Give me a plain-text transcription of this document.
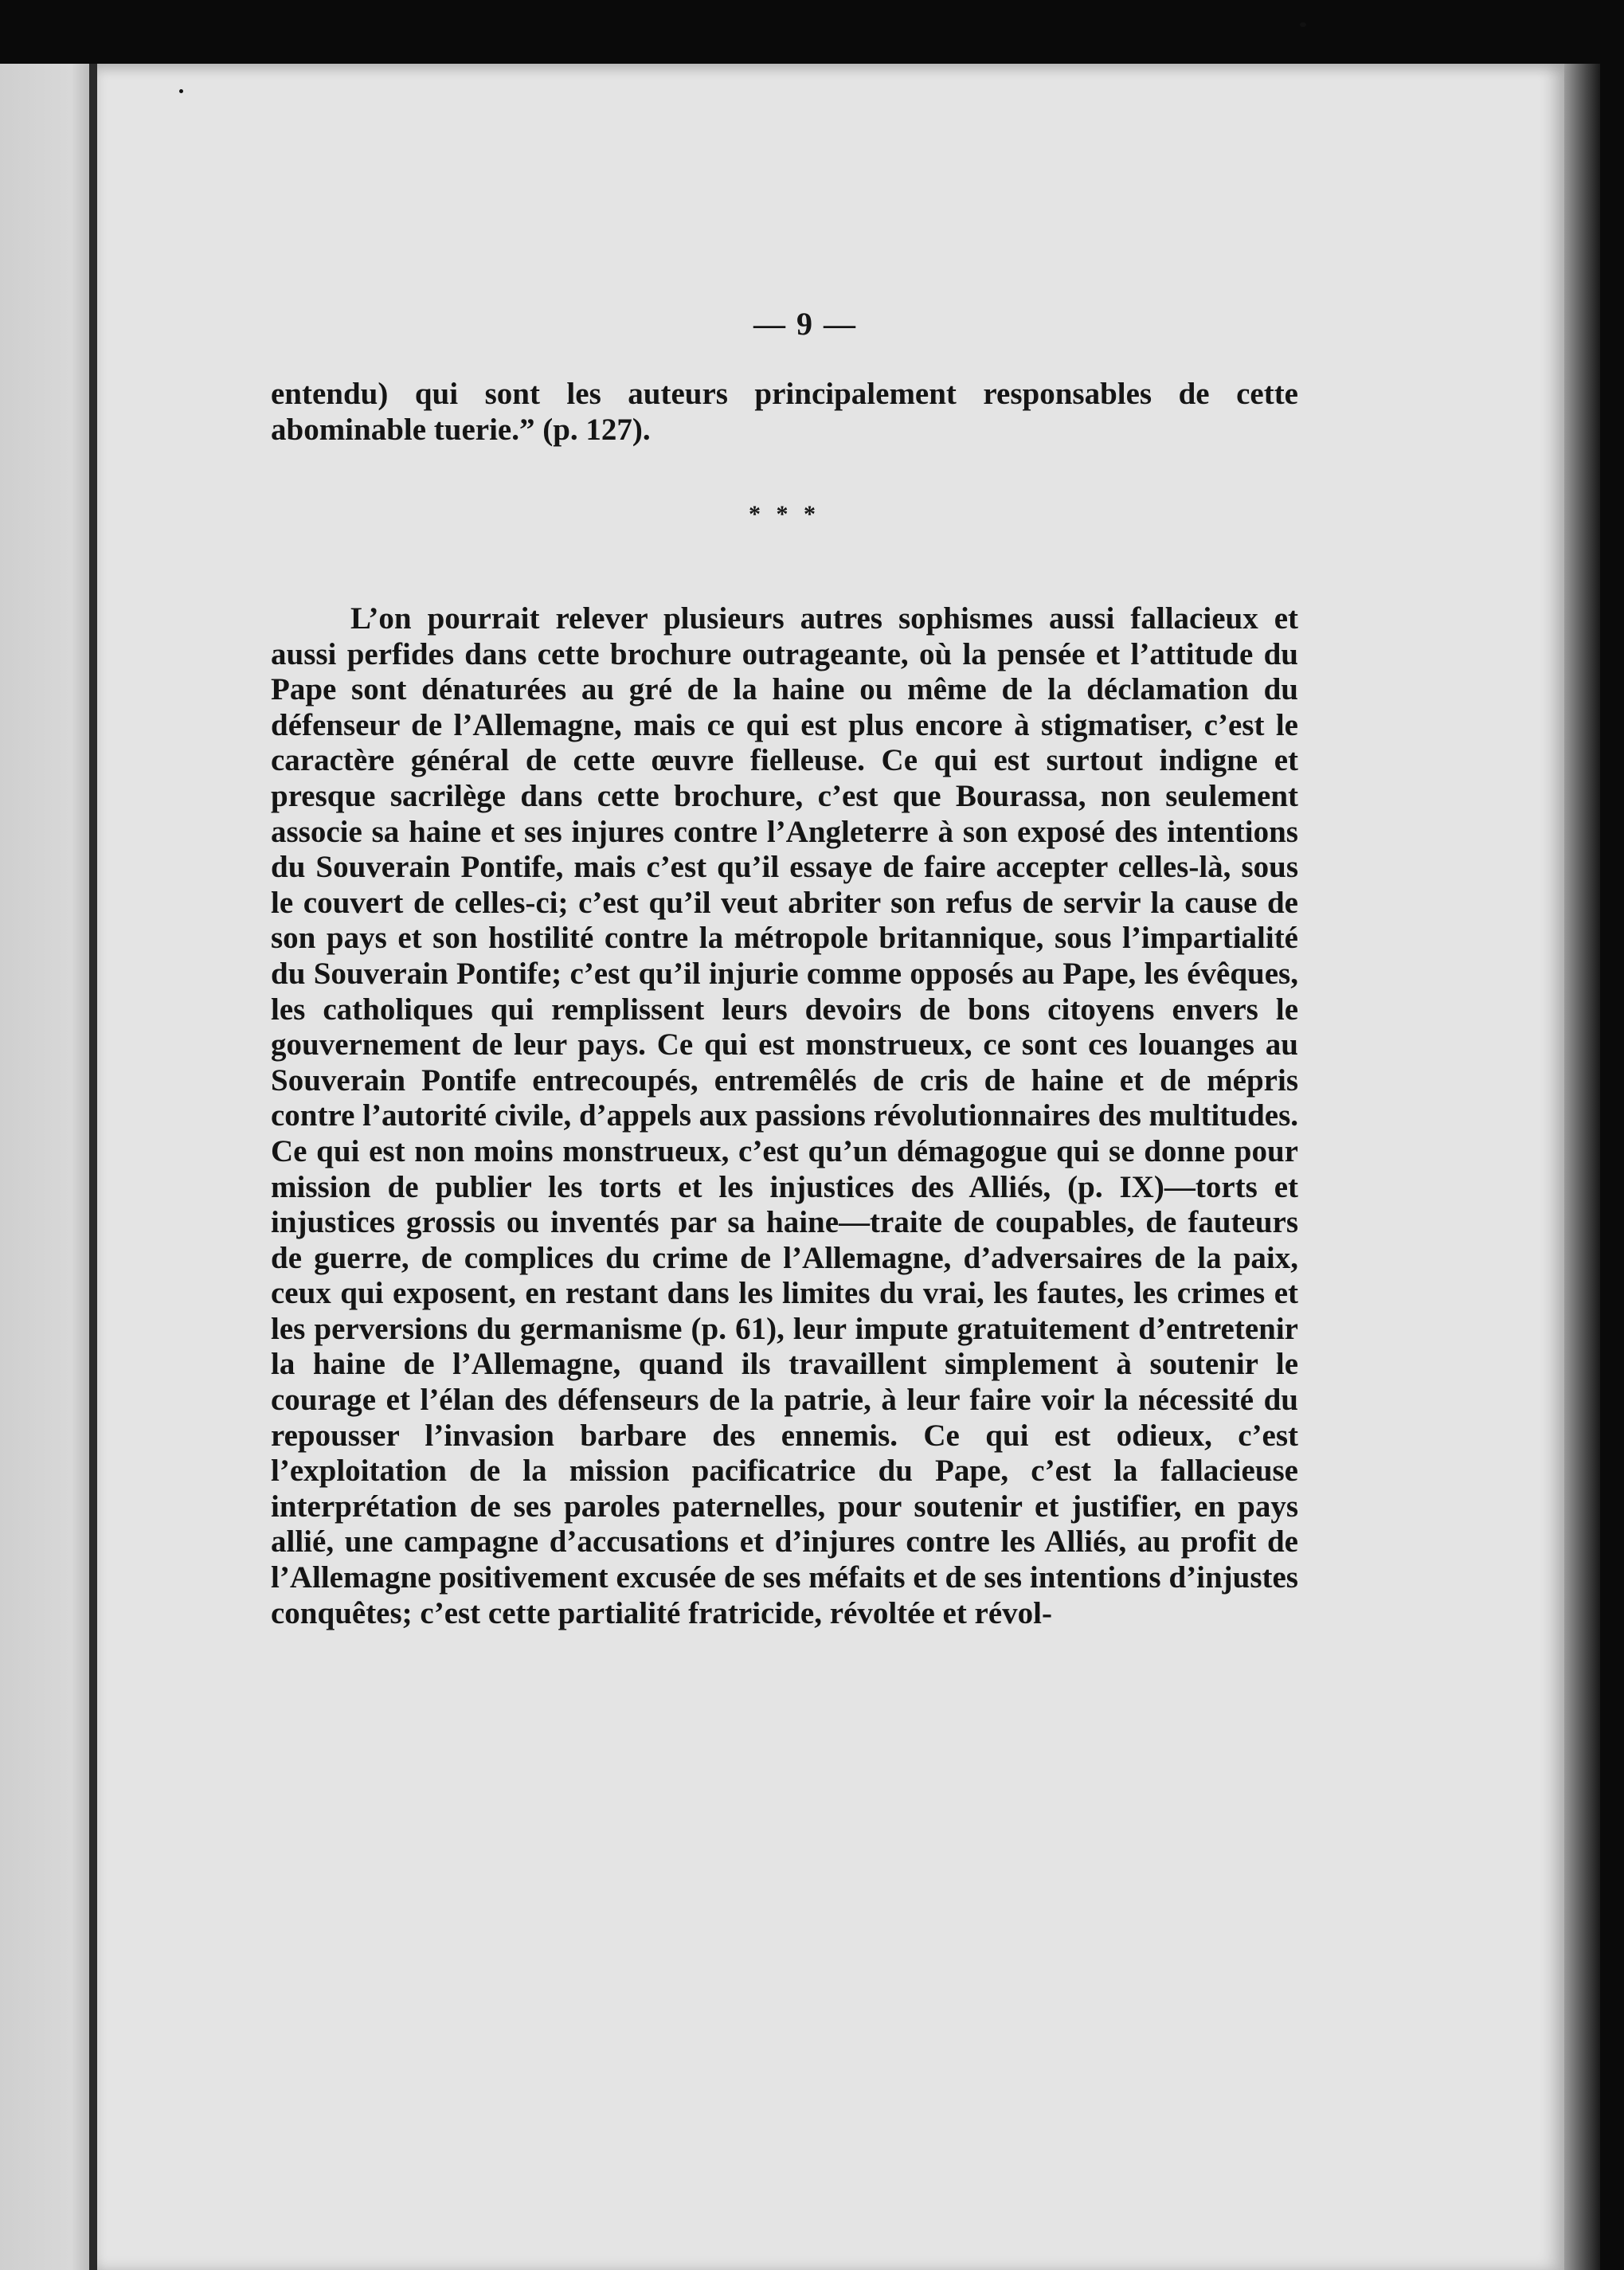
— 9 —

entendu) qui sont les auteurs principalement responsables de cette abominable tuerie.” (p. 127).

* * *

L’on pourrait relever plusieurs autres sophismes aussi fallacieux et aussi perfides dans cette brochure outrageante, où la pensée et l’attitude du Pape sont dénaturées au gré de la haine ou même de la déclamation du défenseur de l’Allemagne, mais ce qui est plus encore à stigmatiser, c’est le caractère général de cette œuvre fielleuse. Ce qui est surtout indigne et presque sacrilège dans cette brochure, c’est que Bourassa, non seulement associe sa haine et ses injures contre l’Angleterre à son exposé des intentions du Souverain Pontife, mais c’est qu’il essaye de faire accepter celles-là, sous le couvert de celles-ci; c’est qu’il veut abriter son refus de servir la cause de son pays et son hostilité contre la métropole britannique, sous l’impartialité du Souverain Pontife; c’est qu’il injurie comme opposés au Pape, les évêques, les catholiques qui remplissent leurs devoirs de bons citoyens envers le gouvernement de leur pays. Ce qui est monstrueux, ce sont ces louanges au Souverain Pontife entrecoupés, entremêlés de cris de haine et de mépris contre l’autorité civile, d’appels aux passions révolutionnaires des multitudes. Ce qui est non moins monstrueux, c’est qu’un démagogue qui se donne pour mission de publier les torts et les injustices des Alliés, (p. IX)—torts et injustices grossis ou inventés par sa haine—traite de coupables, de fauteurs de guerre, de complices du crime de l’Allemagne, d’adversaires de la paix, ceux qui exposent, en restant dans les limites du vrai, les fautes, les crimes et les perversions du germanisme (p. 61), leur impute gratuitement d’entretenir la haine de l’Allemagne, quand ils travaillent simplement à soutenir le courage et l’élan des défenseurs de la patrie, à leur faire voir la nécessité du repousser l’invasion barbare des ennemis. Ce qui est odieux, c’est l’exploitation de la mission pacificatrice du Pape, c’est la fallacieuse interprétation de ses paroles paternelles, pour soutenir et justifier, en pays allié, une campagne d’accusations et d’injures contre les Alliés, au profit de l’Allemagne positivement excusée de ses méfaits et de ses intentions d’injustes conquêtes; c’est cette partialité fratricide, révoltée et révol-
